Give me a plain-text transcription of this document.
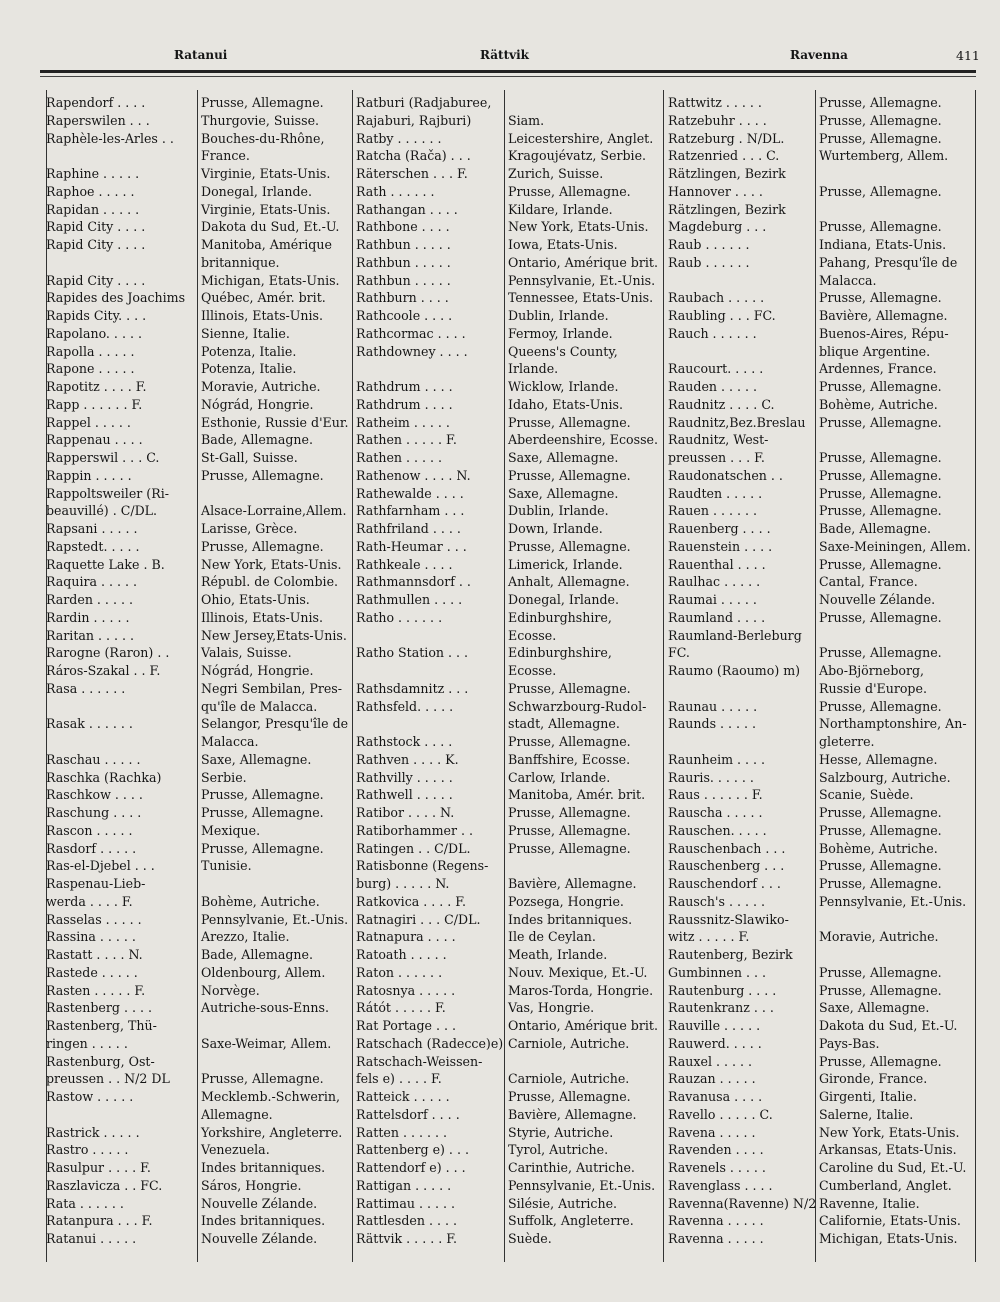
Ratanui	Rättvik	Ravenna	411
Rapendorf . . . .	Prusse, Allemagne.
Raperswilen . . .	Thurgovie, Suisse.
Raphèle-les-Arles . . Bouches-du-Rhône,
France.
Raphine . . . . .	Virginie, Etats-Unis.
Raphoe . . . . .	Donegal, Irlande.
Rapidan . . . . .	Virginie, Etats-Unis.
Rapid City . . . .	Dakota du Sud, Et.-U.
Rapid City . . . .	Manitoba, Amérique
britannique.
Rapid City . . . .	Michigan, Etats-Unis.
Rapides des Joachims Québec, Amér. brit.
Rapids City. . . .	Illinois, Etats-Unis.
Rapolano. . . . .	Sienne, Italie.
Rapolla . . . . .	Potenza, Italie.
Rapone . . . . .	Potenza, Italie.
Rapotitz . . . . F.	Moravie, Autriche.
Rapp . . . . . . F.	Nógrád, Hongrie.
Rappel . . . . .	Esthonie, Russie d'Eur.
Rappenau . . . .	Bade, Allemagne.
Rapperswil . . . C.	St-Gall, Suisse.
Rappin . . . . .	Prusse, Allemagne.
Rappoltsweiler (Ri-
beauvillé) . C/DL.	Alsace-Lorraine,Allem.
Rapsani . . . . .	Larisse, Grèce.
Rapstedt. . . . .	Prusse, Allemagne.
Raquette Lake . B.	New York, Etats-Unis.
Raquira . . . . .	Républ. de Colombie.
Rarden . . . . .	Ohio, Etats-Unis.
Rardin . . . . .	Illinois, Etats-Unis.
Raritan . . . . .	New Jersey,Etats-Unis.
Rarogne (Raron) . .	Valais, Suisse.
Ráros-Szakal . . F.	Nógrád, Hongrie.
Rasa . . . . . .	Negri Sembilan, Pres-
qu'île de Malacca.
Rasak . . . . . .	Selangor, Presqu'île de
Malacca.
Raschau . . . . .	Saxe, Allemagne.
Raschka (Rachka)	Serbie.
Raschkow . . . .	Prusse, Allemagne.
Raschung . . . .	Prusse, Allemagne.
Rascon . . . . .	Mexique.
Rasdorf . . . . .	Prusse, Allemagne.
Ras-el-Djebel . . .	Tunisie.
Raspenau-Lieb-
werda . . . . F.	Bohème, Autriche.
Rasselas . . . . .	Pennsylvanie, Et.-Unis.
Rassina . . . . .	Arezzo, Italie.
Rastatt . . . . N.	Bade, Allemagne.
Rastede . . . . .	Oldenbourg, Allem.
Rasten . . . . . F.	Norvège.
Rastenberg . . . .	Autriche-sous-Enns.
Rastenberg, Thü-
ringen . . . . .	Saxe-Weimar, Allem.
Rastenburg, Ost-
preussen . . N/2 DL Prusse, Allemagne.
Rastow . . . . .	Mecklemb.-Schwerin,
Allemagne.
Rastrick . . . . .	Yorkshire, Angleterre.
Rastro . . . . .	Venezuela.
Rasulpur . . . . F.	Indes britanniques.
Raszlavicza . . FC.	Sáros, Hongrie.
Rata . . . . . .	Nouvelle Zélande.
Ratanpura . . . F.	Indes britanniques.
Ratanui . . . . .	Nouvelle Zélande.
Ratburi (Radjaburee,
Rajaburi, Rajburi)	Siam.
Ratby . . . . . .	Leicestershire, Anglet.
Ratcha (Rača) . . .	Kragoujévatz, Serbie.
Räterschen . . . F.	Zurich, Suisse.
Rath . . . . . .	Prusse, Allemagne.
Rathangan . . . .	Kildare, Irlande.
Rathbone . . . .	New York, Etats-Unis.
Rathbun . . . . .	Iowa, Etats-Unis.
Rathbun . . . . .	Ontario, Amérique brit.
Rathbun . . . . .	Pennsylvanie, Et.-Unis.
Rathburn . . . .	Tennessee, Etats-Unis.
Rathcoole . . . .	Dublin, Irlande.
Rathcormac . . . .	Fermoy, Irlande.
Rathdowney . . . .	Queens's County,
Irlande.
Rathdrum . . . .	Wicklow, Irlande.
Rathdrum . . . .	Idaho, Etats-Unis.
Ratheim . . . . .	Prusse, Allemagne.
Rathen . . . . . F.	Aberdeenshire, Ecosse.
Rathen . . . . .	Saxe, Allemagne.
Rathenow . . . . N.	Prusse, Allemagne.
Rathewalde . . . .	Saxe, Allemagne.
Rathfarnham . . .	Dublin, Irlande.
Rathfriland . . . .	Down, Irlande.
Rath-Heumar . . .	Prusse, Allemagne.
Rathkeale . . . .	Limerick, Irlande.
Rathmannsdorf . .	Anhalt, Allemagne.
Rathmullen . . . .	Donegal, Irlande.
Ratho . . . . . .	Edinburghshire,
Ecosse.
Ratho Station . . .	Edinburghshire,
Ecosse.
Rathsdamnitz . . .	Prusse, Allemagne.
Rathsfeld. . . . .	Schwarzbourg-Rudol-
stadt, Allemagne.
Rathstock . . . .	Prusse, Allemagne.
Rathven . . . . K.	Banffshire, Ecosse.
Rathvilly . . . . .	Carlow, Irlande.
Rathwell . . . . .	Manitoba, Amér. brit.
Ratibor . . . . N.	Prusse, Allemagne.
Ratiborhammer . .	Prusse, Allemagne.
Ratingen . . C/DL.	Prusse, Allemagne.
Ratisbonne (Regens-
burg) . . . . . N.	Bavière, Allemagne.
Ratkovica . . . . F.	Pozsega, Hongrie.
Ratnagiri . . . C/DL. Indes britanniques.
Ratnapura . . . .	Ile de Ceylan.
Ratoath . . . . .	Meath, Irlande.
Raton . . . . . .	Nouv. Mexique, Et.-U.
Ratosnya . . . . .	Maros-Torda, Hongrie.
Rátót . . . . . F.	Vas, Hongrie.
Rat Portage . . .	Ontario, Amérique brit.
Ratschach (Radecce)e) Carniole, Autriche.
Ratschach-Weissen-
fels e) . . . . F.	Carniole, Autriche.
Ratteick . . . . .	Prusse, Allemagne.
Rattelsdorf . . . .	Bavière, Allemagne.
Ratten . . . . . .	Styrie, Autriche.
Rattenberg e) . . .	Tyrol, Autriche.
Rattendorf e) . . .	Carinthie, Autriche.
Rattigan . . . . .	Pennsylvanie, Et.-Unis.
Rattimau . . . . .	Silésie, Autriche.
Rattlesden . . . .	Suffolk, Angleterre.
Rättvik . . . . . F.	Suède.
Rattwitz . . . . .	Prusse, Allemagne.
Ratzebuhr . . . .	Prusse, Allemagne.
Ratzeburg . N/DL.	Prusse, Allemagne.
Ratzenried . . . C.	Wurtemberg, Allem.
Rätzlingen, Bezirk
Hannover . . . .	Prusse, Allemagne.
Rätzlingen, Bezirk
Magdeburg . . .	Prusse, Allemagne.
Raub . . . . . .	Indiana, Etats-Unis.
Raub . . . . . .	Pahang, Presqu'île de
Malacca.
Raubach . . . . .	Prusse, Allemagne.
Raubling . . . FC.	Bavière, Allemagne.
Rauch . . . . . .	Buenos-Aires, Répu-
blique Argentine.
Raucourt. . . . .	Ardennes, France.
Rauden . . . . .	Prusse, Allemagne.
Raudnitz . . . . C.	Bohème, Autriche.
Raudnitz,Bez.Breslau Prusse, Allemagne.
Raudnitz, West-
preussen . . . F.	Prusse, Allemagne.
Raudonatschen . .	Prusse, Allemagne.
Raudten . . . . .	Prusse, Allemagne.
Rauen . . . . . .	Prusse, Allemagne.
Rauenberg . . . .	Bade, Allemagne.
Rauenstein . . . .	Saxe-Meiningen, Allem.
Rauenthal . . . .	Prusse, Allemagne.
Raulhac . . . . .	Cantal, France.
Raumai . . . . .	Nouvelle Zélande.
Raumland . . . .	Prusse, Allemagne.
Raumland-Berleburg
FC.	Prusse, Allemagne.
Raumo (Raoumo) m) Abo-Björneborg,
Russie d'Europe.
Raunau . . . . .	Prusse, Allemagne.
Raunds . . . . .	Northamptonshire, An-
gleterre.
Raunheim . . . .	Hesse, Allemagne.
Rauris. . . . . .	Salzbourg, Autriche.
Raus . . . . . . F.	Scanie, Suède.
Rauscha . . . . .	Prusse, Allemagne.
Rauschen. . . . .	Prusse, Allemagne.
Rauschenbach . . .	Bohème, Autriche.
Rauschenberg . . .	Prusse, Allemagne.
Rauschendorf . . .	Prusse, Allemagne.
Rausch's . . . . .	Pennsylvanie, Et.-Unis.
Raussnitz-Slawiko-
witz . . . . . F.	Moravie, Autriche.
Rautenberg, Bezirk
Gumbinnen . . .	Prusse, Allemagne.
Rautenburg . . . .	Prusse, Allemagne.
Rautenkranz . . .	Saxe, Allemagne.
Rauville . . . . .	Dakota du Sud, Et.-U.
Rauwerd. . . . .	Pays-Bas.
Rauxel . . . . .	Prusse, Allemagne.
Rauzan . . . . .	Gironde, France.
Ravanusa . . . .	Girgenti, Italie.
Ravello . . . . . C.	Salerne, Italie.
Ravena . . . . .	New York, Etats-Unis.
Ravenden . . . .	Arkansas, Etats-Unis.
Ravenels . . . . .	Caroline du Sud, Et.-U.
Ravenglass . . . .	Cumberland, Anglet.
Ravenna(Ravenne) N/2 Ravenne, Italie.
Ravenna . . . . .	Californie, Etats-Unis.
Ravenna . . . . .	Michigan, Etats-Unis.
